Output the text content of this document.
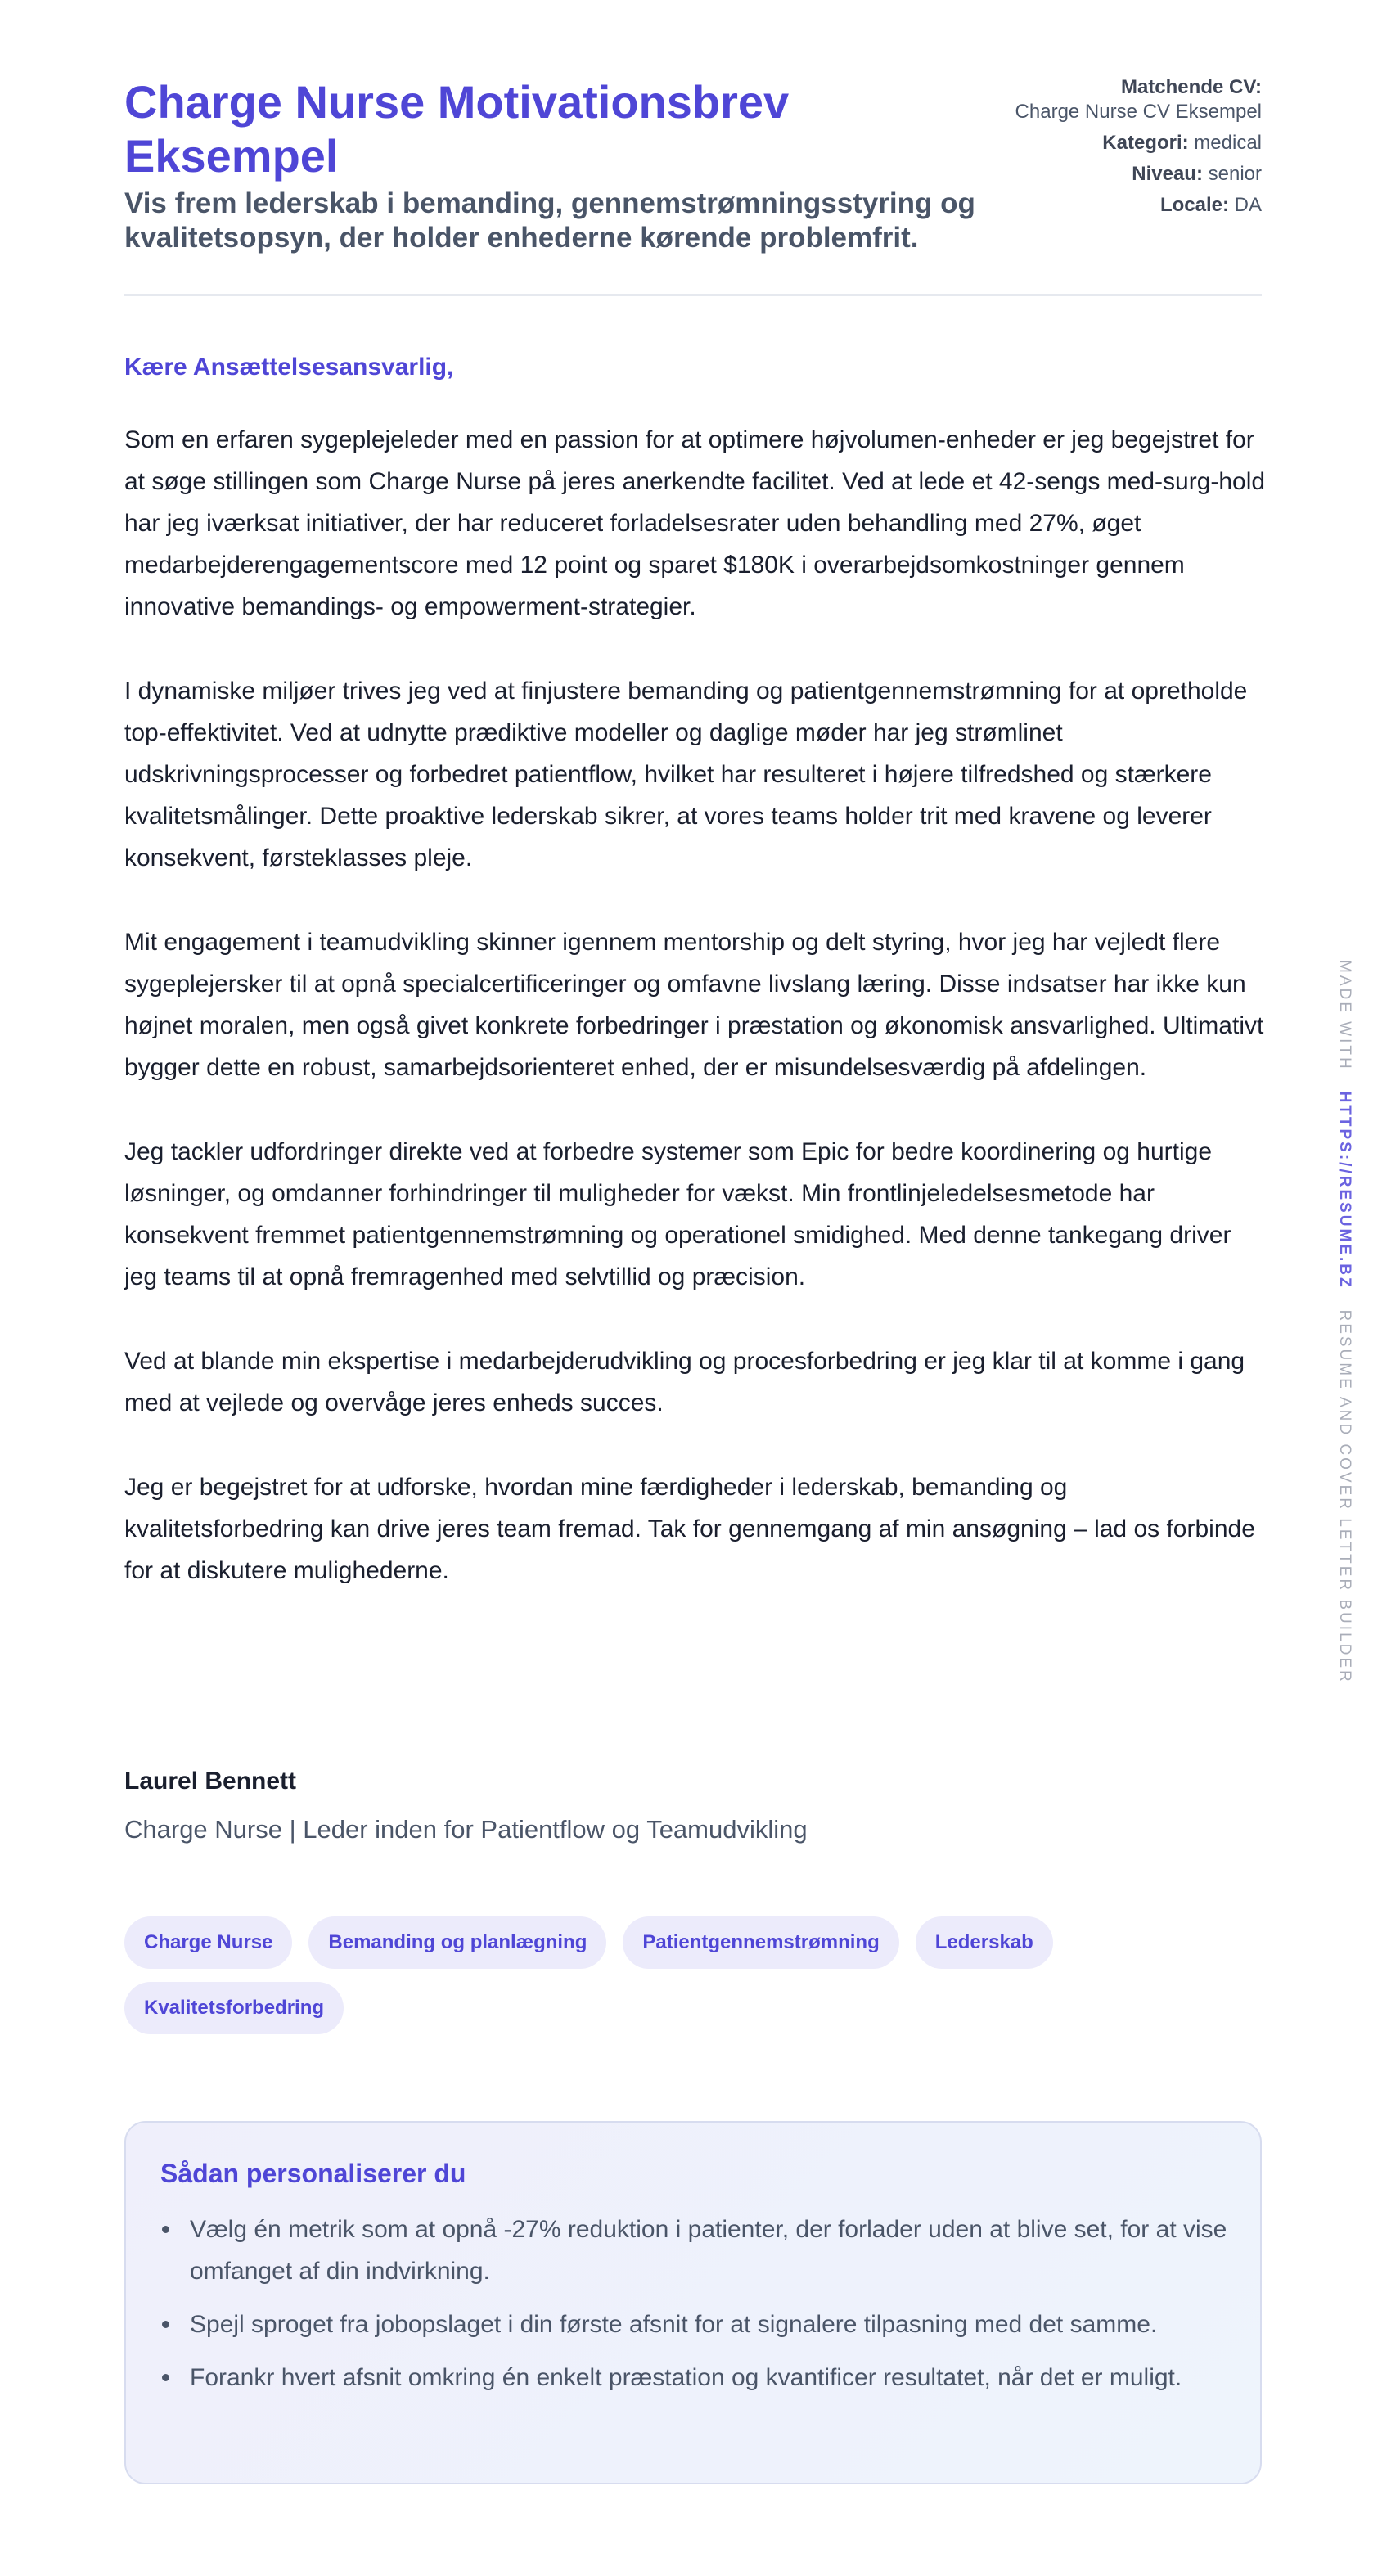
Charge Nurse Motivationsbrev Eksempel
Vis frem lederskab i bemanding, gennemstrømningsstyring og kvalitetsopsyn, der holder enhederne kørende problemfrit.
Matchende CV:
Charge Nurse CV Eksempel
Kategori: medical
Niveau: senior
Locale: DA
Kære Ansættelsesansvarlig,

Som en erfaren sygeplejeleder med en passion for at optimere højvolumen-enheder er jeg begejstret for at søge stillingen som Charge Nurse på jeres anerkendte facilitet. Ved at lede et 42-sengs med-surg-hold har jeg iværksat initiativer, der har reduceret forladelsesrater uden behandling med 27%, øget medarbejderengagementscore med 12 point og sparet $180K i overarbejdsomkostninger gennem innovative bemandings- og empowerment-strategier.

I dynamiske miljøer trives jeg ved at finjustere bemanding og patientgennemstrømning for at opretholde top-effektivitet. Ved at udnytte prædiktive modeller og daglige møder har jeg strømlinet udskrivningsprocesser og forbedret patientflow, hvilket har resulteret i højere tilfredshed og stærkere kvalitetsmålinger. Dette proaktive lederskab sikrer, at vores teams holder trit med kravene og leverer konsekvent, førsteklasses pleje.

Mit engagement i teamudvikling skinner igennem mentorship og delt styring, hvor jeg har vejledt flere sygeplejersker til at opnå specialcertificeringer og omfavne livslang læring. Disse indsatser har ikke kun højnet moralen, men også givet konkrete forbedringer i præstation og økonomisk ansvarlighed. Ultimativt bygger dette en robust, samarbejdsorienteret enhed, der er misundelsesværdig på afdelingen.

Jeg tackler udfordringer direkte ved at forbedre systemer som Epic for bedre koordinering og hurtige løsninger, og omdanner forhindringer til muligheder for vækst. Min frontlinjeledelsesmetode har konsekvent fremmet patientgennemstrømning og operationel smidighed. Med denne tankegang driver jeg teams til at opnå fremragenhed med selvtillid og præcision.

Ved at blande min ekspertise i medarbejderudvikling og procesforbedring er jeg klar til at komme i gang med at vejlede og overvåge jeres enheds succes.

Jeg er begejstret for at udforske, hvordan mine færdigheder i lederskab, bemanding og kvalitetsforbedring kan drive jeres team fremad. Tak for gennemgang af min ansøgning – lad os forbinde for at diskutere mulighederne.

Laurel Bennett
Charge Nurse | Leder inden for Patientflow og Teamudvikling
Charge Nurse	Bemanding og planlægning	Patientgennemstrømning	Lederskab
Kvalitetsforbedring
Sådan personaliserer du
Vælg én metrik som at opnå -27% reduktion i patienter, der forlader uden at blive set, for at vise omfanget af din indvirkning.
Spejl sproget fra jobopslaget i din første afsnit for at signalere tilpasning med det samme.
Forankr hvert afsnit omkring én enkelt præstation og kvantificer resultatet, når det er muligt.
MADE WITH   HTTPS://RESUME.BZ   RESUME AND COVER LETTER BUILDER
